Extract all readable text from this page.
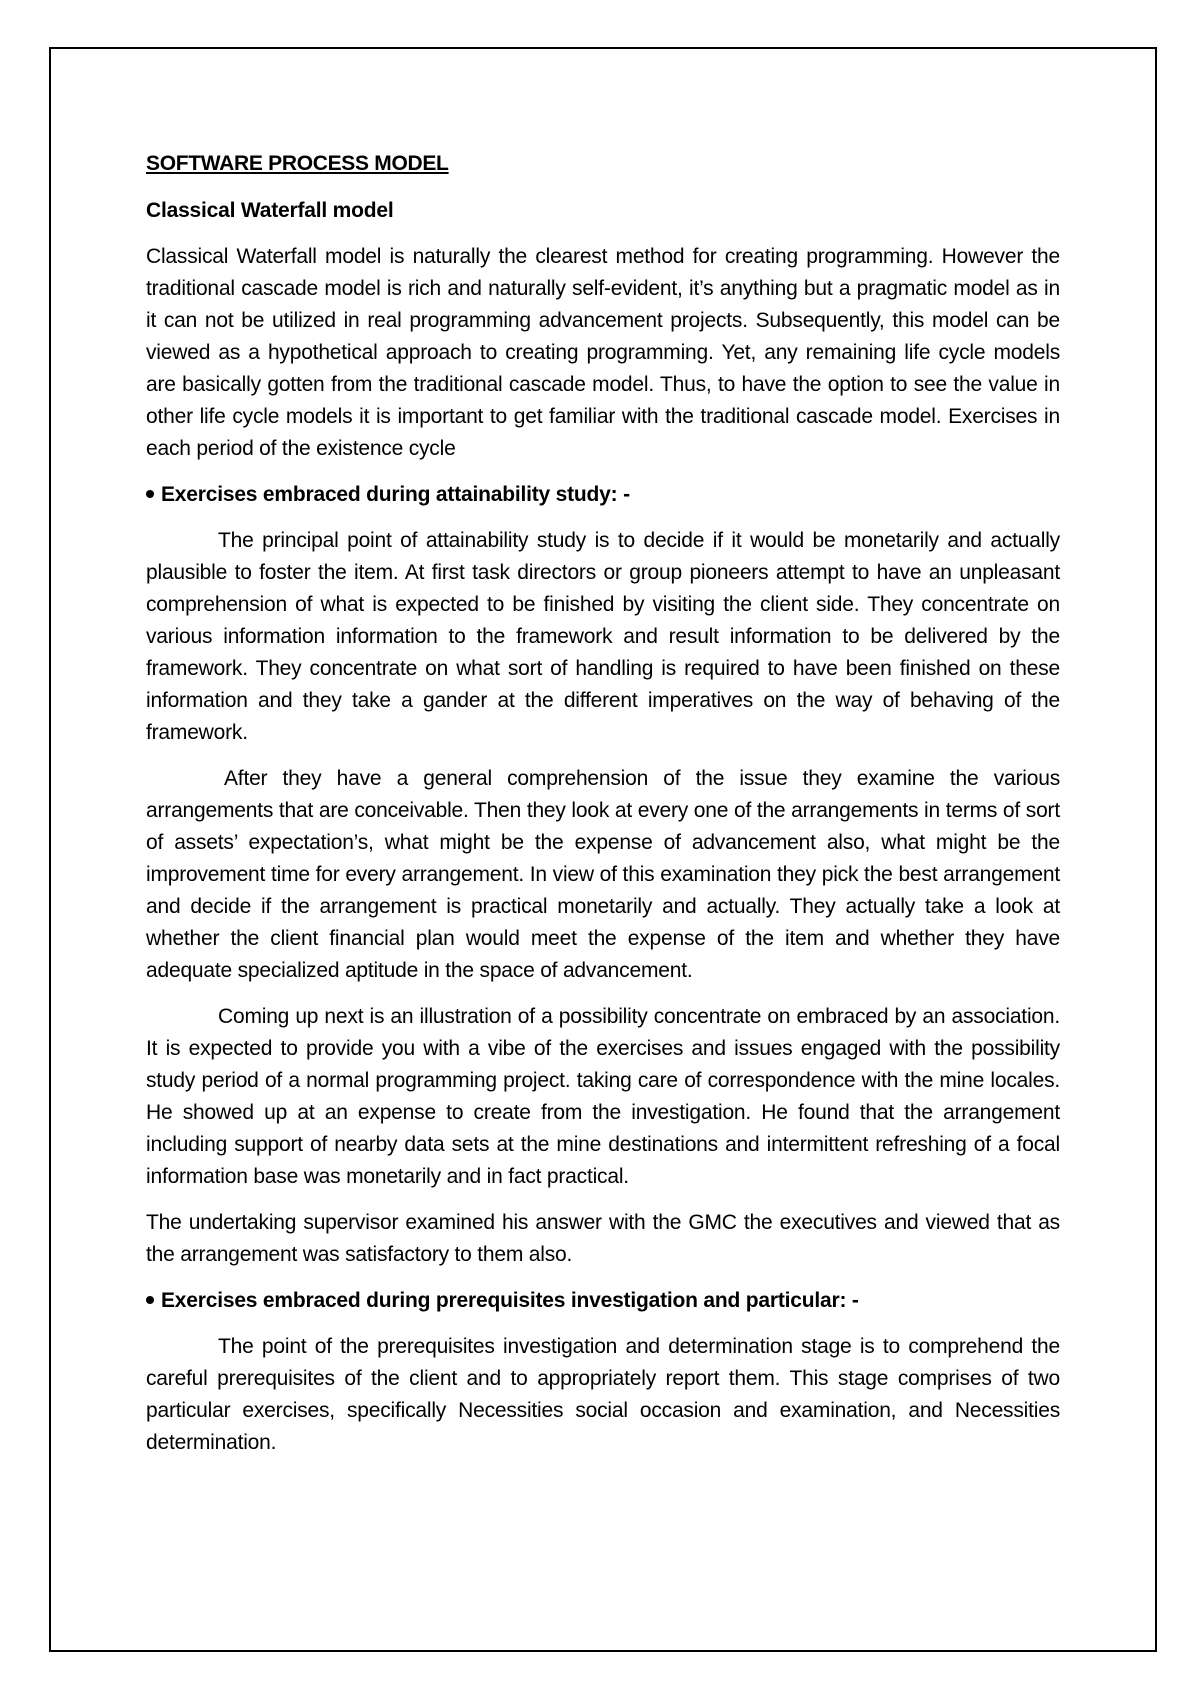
SOFTWARE PROCESS MODEL

Classical Waterfall model

Classical Waterfall model is naturally the clearest method for creating programming. However the traditional cascade model is rich and naturally self-evident, it’s anything but a pragmatic model as in it can not be utilized in real programming advancement projects. Subsequently, this model can be viewed as a hypothetical approach to creating programming. Yet, any remaining life cycle models are basically gotten from the traditional cascade model. Thus, to have the option to see the value in other life cycle models it is important to get familiar with the traditional cascade model. Exercises in each period of the existence cycle

Exercises embraced during attainability study: -

The principal point of attainability study is to decide if it would be monetarily and actually plausible to foster the item. At first task directors or group pioneers attempt to have an unpleasant comprehension of what is expected to be finished by visiting the client side. They concentrate on various information information to the framework and result information to be delivered by the framework. They concentrate on what sort of handling is required to have been finished on these information and they take a gander at the different imperatives on the way of behaving of the framework.

After they have a general comprehension of the issue they examine the various arrangements that are conceivable. Then they look at every one of the arrangements in terms of sort of assets’ expectation’s, what might be the expense of advancement also, what might be the improvement time for every arrangement. In view of this examination they pick the best arrangement and decide if the arrangement is practical monetarily and actually. They actually take a look at whether the client financial plan would meet the expense of the item and whether they have adequate specialized aptitude in the space of advancement.

Coming up next is an illustration of a possibility concentrate on embraced by an association. It is expected to provide you with a vibe of the exercises and issues engaged with the possibility study period of a normal programming project. taking care of correspondence with the mine locales. He showed up at an expense to create from the investigation. He found that the arrangement including support of nearby data sets at the mine destinations and intermittent refreshing of a focal information base was monetarily and in fact practical.

The undertaking supervisor examined his answer with the GMC the executives and viewed that as the arrangement was satisfactory to them also.

Exercises embraced during prerequisites investigation and particular: -

The point of the prerequisites investigation and determination stage is to comprehend the careful prerequisites of the client and to appropriately report them. This stage comprises of two particular exercises, specifically Necessities social occasion and examination, and Necessities determination.
